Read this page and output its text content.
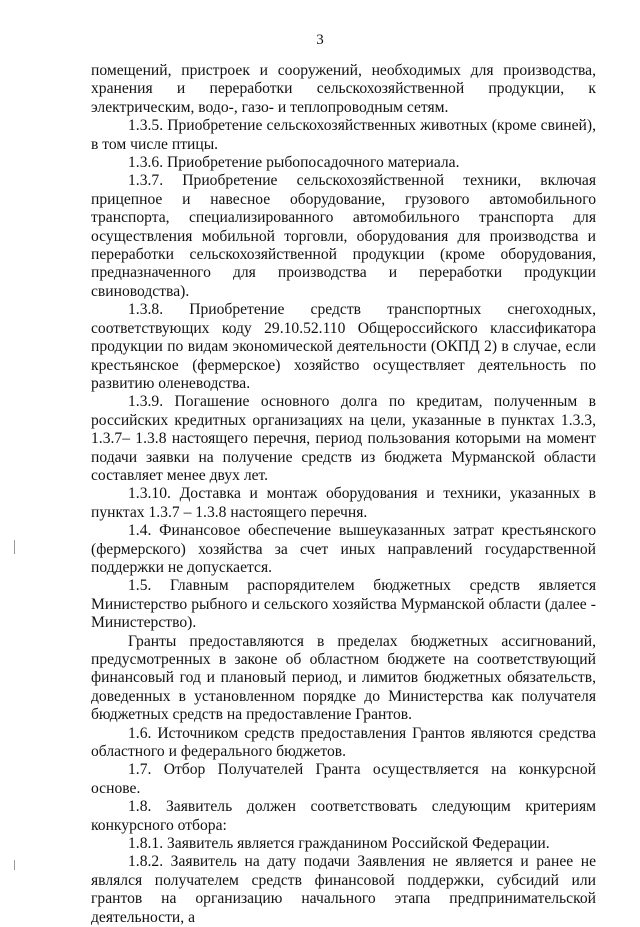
3

помещений, пристроек и сооружений, необходимых для производства, хранения и переработки сельскохозяйственной продукции, к электрическим, водо-, газо- и теплопроводным сетям.

1.3.5. Приобретение сельскохозяйственных животных (кроме свиней), в том числе птицы.

1.3.6. Приобретение рыбопосадочного материала.

1.3.7. Приобретение сельскохозяйственной техники, включая прицепное и навесное оборудование, грузового автомобильного транспорта, специализированного автомобильного транспорта для осуществления мобильной торговли, оборудования для производства и переработки сельскохозяйственной продукции (кроме оборудования, предназначенного для производства и переработки продукции свиноводства).

1.3.8. Приобретение средств транспортных снегоходных, соответствующих коду 29.10.52.110 Общероссийского классификатора продукции по видам экономической деятельности (ОКПД 2) в случае, если крестьянское (фермерское) хозяйство осуществляет деятельность по развитию оленеводства.

1.3.9. Погашение основного долга по кредитам, полученным в российских кредитных организациях на цели, указанные в пунктах 1.3.3, 1.3.7– 1.3.8 настоящего перечня, период пользования которыми на момент подачи заявки на получение средств из бюджета Мурманской области составляет менее двух лет.

1.3.10. Доставка и монтаж оборудования и техники, указанных в пунктах 1.3.7 – 1.3.8 настоящего перечня.

1.4. Финансовое обеспечение вышеуказанных затрат крестьянского (фермерского) хозяйства за счет иных направлений государственной поддержки не допускается.

1.5. Главным распорядителем бюджетных средств является Министерство рыбного и сельского хозяйства Мурманской области (далее - Министерство).

Гранты предоставляются в пределах бюджетных ассигнований, предусмотренных в законе об областном бюджете на соответствующий финансовый год и плановый период, и лимитов бюджетных обязательств, доведенных в установленном порядке до Министерства как получателя бюджетных средств на предоставление Грантов.

1.6. Источником средств предоставления Грантов являются средства областного и федерального бюджетов.

1.7. Отбор Получателей Гранта осуществляется на конкурсной основе.

1.8. Заявитель должен соответствовать следующим критериям конкурсного отбора:

1.8.1. Заявитель является гражданином Российской Федерации.

1.8.2. Заявитель на дату подачи Заявления не является и ранее не являлся получателем средств финансовой поддержки, субсидий или грантов на организацию начального этапа предпринимательской деятельности, а
